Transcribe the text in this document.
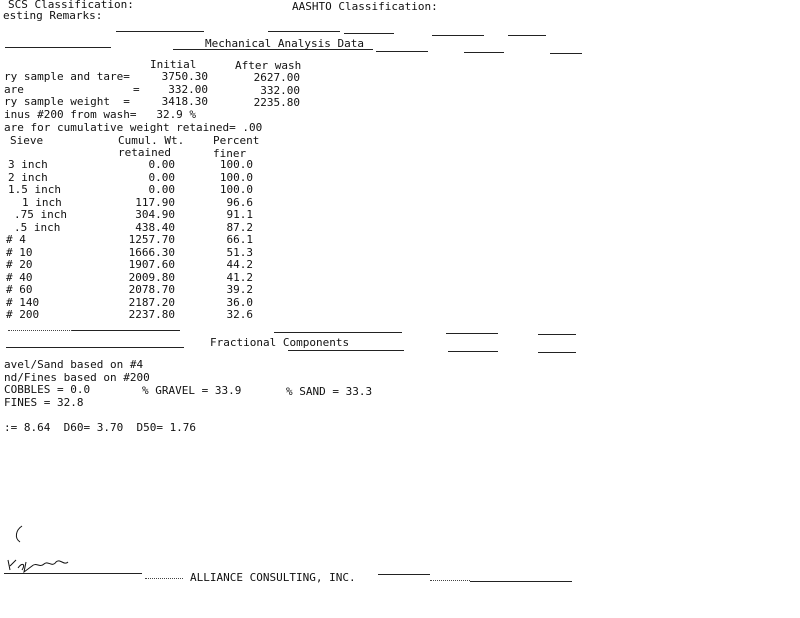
SCS Classification:	AASHTO Classification:
esting Remarks:
Mechanical Analysis Data
Initial	After wash
ry sample and tare=	3750.30	2627.00
are	=	332.00	332.00
ry sample weight  =	3418.30	2235.80
inus #200 from wash=   32.9 %
are for cumulative weight retained= .00
Sieve	Cumul. Wt.
retained
Percent
finer
3 inch	0.00	100.0
2 inch	0.00	100.0
1.5 inch	0.00	100.0
1 inch	117.90	96.6
.75 inch	304.90	91.1
.5 inch	438.40	87.2
# 4	1257.70	66.1
# 10	1666.30	51.3
# 20	1907.60	44.2
# 40	2009.80	41.2
# 60	2078.70	39.2
# 140	2187.20	36.0
# 200	2237.80	32.6
Fractional Components
avel/Sand based on #4
nd/Fines based on #200
COBBLES = 0.0	% GRAVEL = 33.9	% SAND = 33.3
FINES = 32.8
:= 8.64  D60= 3.70  D50= 1.76
ALLIANCE CONSULTING, INC.
